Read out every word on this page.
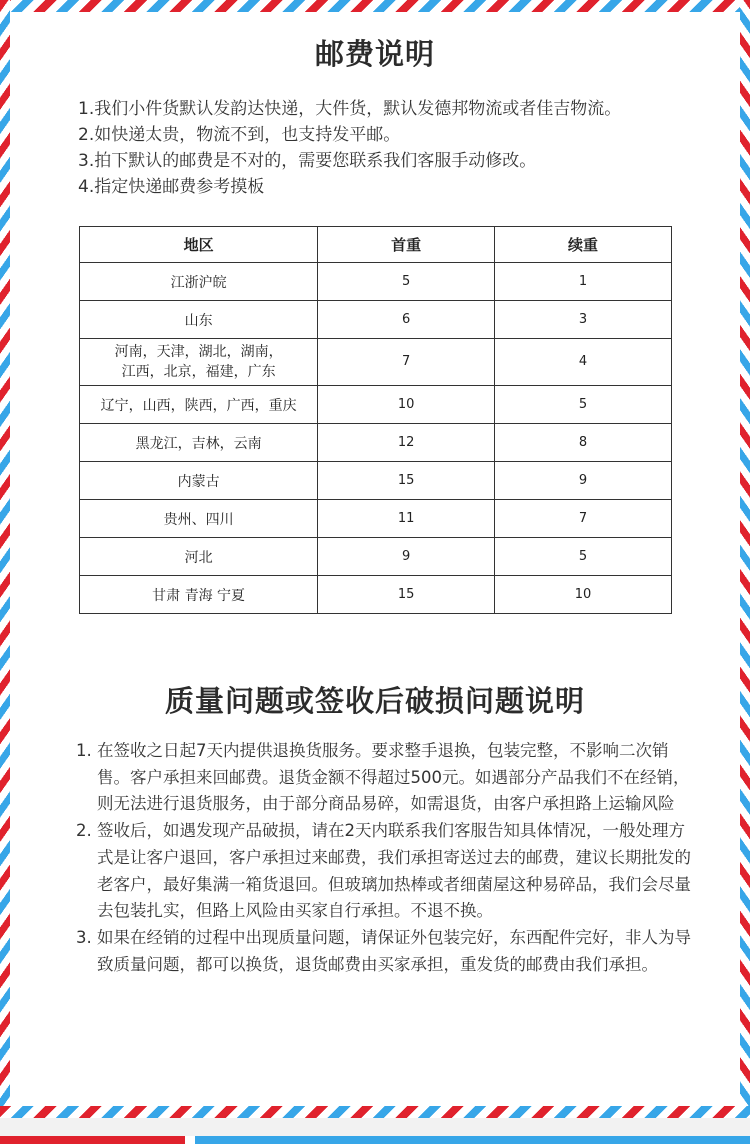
邮费说明
1.我们小件货默认发韵达快递，大件货，默认发德邦物流或者佳吉物流。
2.如快递太贵，物流不到，也支持发平邮。
3.拍下默认的邮费是不对的，需要您联系我们客服手动修改。
4.指定快递邮费参考摸板
地区	首重	续重
江浙沪皖	5	1
山东	6	3

河南，天津，湖北，湖南，
江西，北京，福建，广东	7	4
辽宁，山西，陕西，广西，重庆	10	5
黑龙江，吉林，云南	12	8
内蒙古	15	9
贵州、四川	11	7
河北	9	5
甘肃 青海 宁夏	15	10
质量问题或签收后破损问题说明
1. 在签收之日起7天内提供退换货服务。要求整手退换，包装完整，不影响二次销售。客户承担来回邮费。退货金额不得超过500元。如遇部分产品我们不在经销，则无法进行退货服务，由于部分商品易碎，如需退货，由客户承担路上运输风险
2. 签收后，如遇发现产品破损，请在2天内联系我们客服告知具体情况，一般处理方式是让客户退回，客户承担过来邮费，我们承担寄送过去的邮费，建议长期批发的老客户，最好集满一箱货退回。但玻璃加热棒或者细菌屋这种易碎品，我们会尽量去包装扎实，但路上风险由买家自行承担。不退不换。
3. 如果在经销的过程中出现质量问题，请保证外包装完好，东西配件完好，非人为导致质量问题，都可以换货，退货邮费由买家承担，重发货的邮费由我们承担。
